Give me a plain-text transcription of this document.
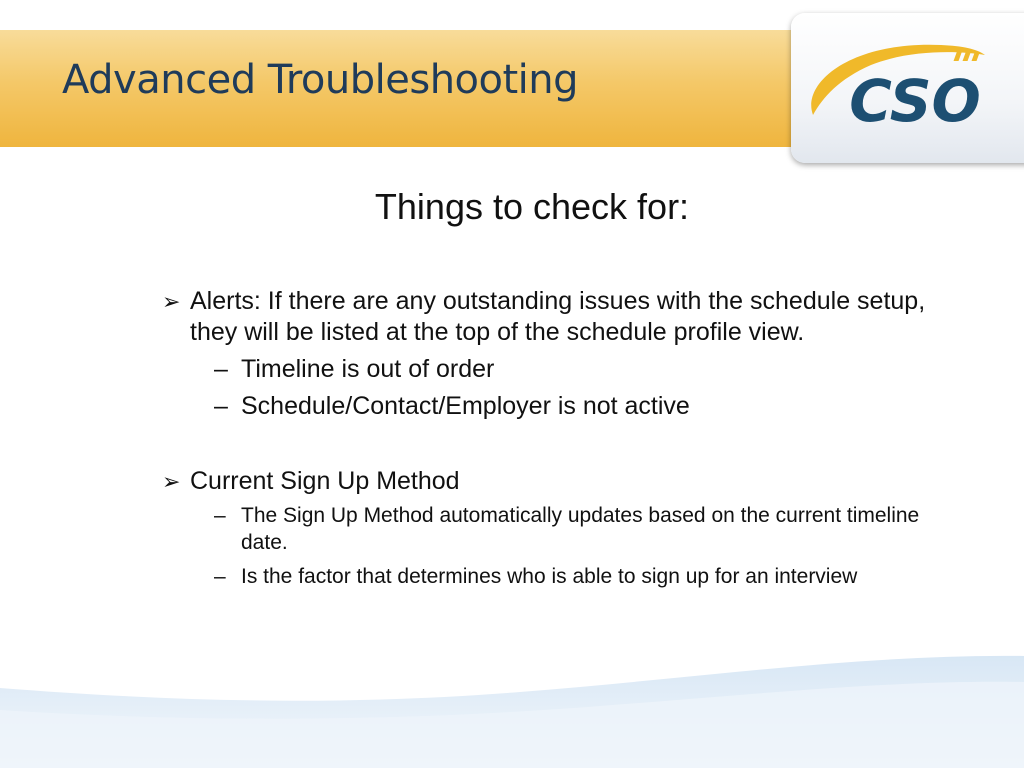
Advanced Troubleshooting	CSO
Things to check for:
➢ Alerts: If there are any outstanding issues with the schedule setup, they will be listed at the top of the schedule profile view.
– Timeline is out of order
– Schedule/Contact/Employer is not active
➢ Current Sign Up Method
– The Sign Up Method automatically updates based on the current timeline date.
– Is the factor that determines who is able to sign up for an interview
